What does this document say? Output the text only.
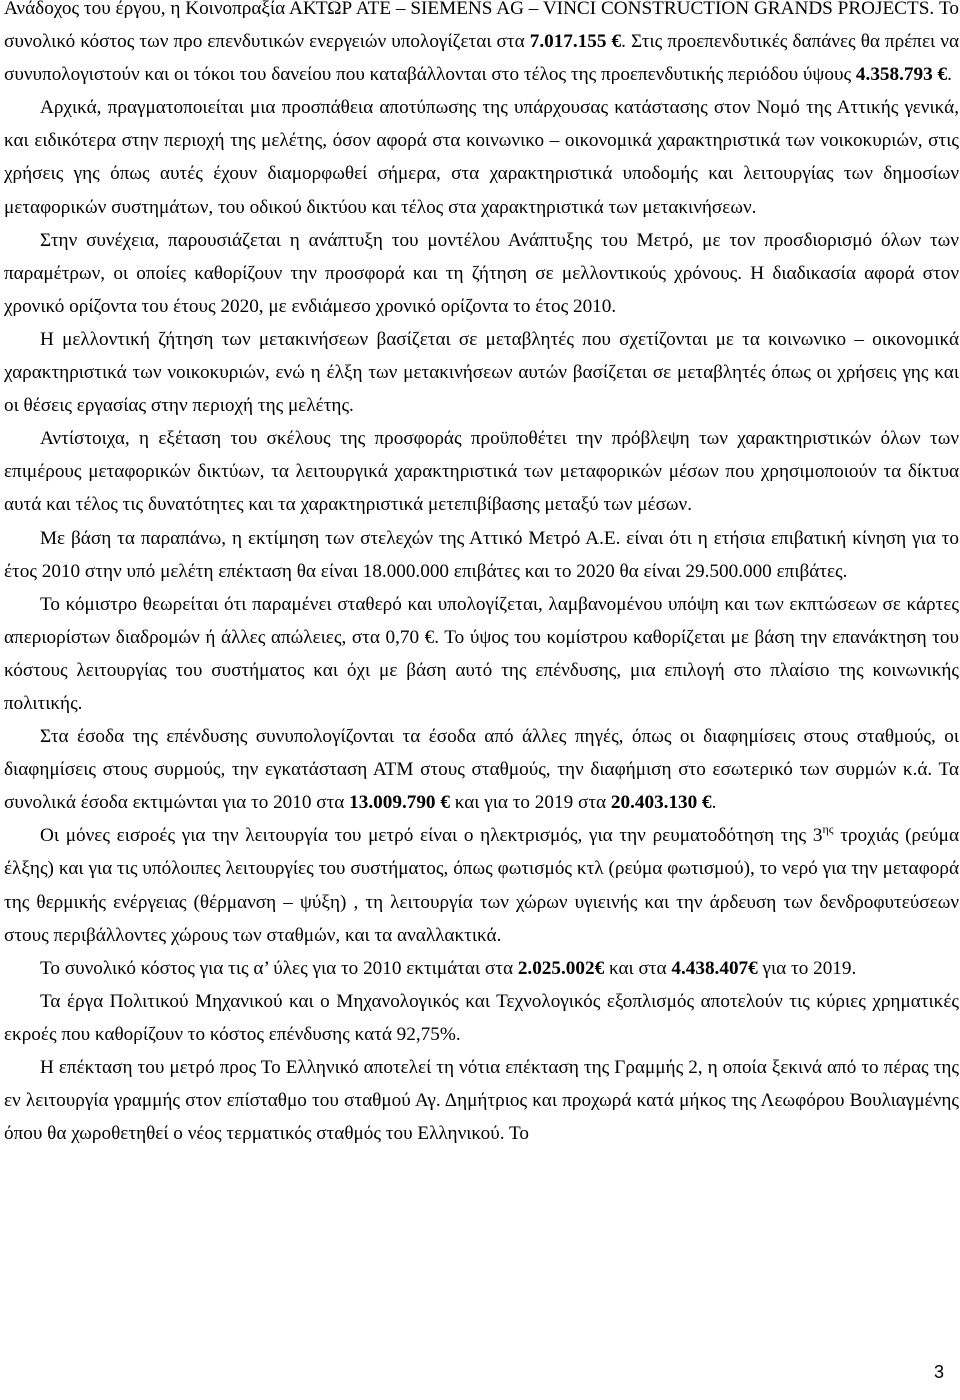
Ανάδοχος του έργου, η Κοινοπραξία ΑΚΤΩΡ ΑΤΕ – SIEMENS AG – VINCI CONSTRUCTION GRANDS PROJECTS. Το συνολικό κόστος των προ επενδυτικών ενεργειών υπολογίζεται στα 7.017.155 €. Στις προεπενδυτικές δαπάνες θα πρέπει να συνυπολογιστούν και οι τόκοι του δανείου που καταβάλλονται στο τέλος της προεπενδυτικής περιόδου ύψους 4.358.793 €.

Αρχικά, πραγματοποιείται μια προσπάθεια αποτύπωσης της υπάρχουσας κατάστασης στον Νομό της Αττικής γενικά, και ειδικότερα στην περιοχή της μελέτης, όσον αφορά στα κοινωνικο – οικονομικά χαρακτηριστικά των νοικοκυριών, στις χρήσεις γης όπως αυτές έχουν διαμορφωθεί σήμερα, στα χαρακτηριστικά υποδομής και λειτουργίας των δημοσίων μεταφορικών συστημάτων, του οδικού δικτύου και τέλος στα χαρακτηριστικά των μετακινήσεων.

Στην συνέχεια, παρουσιάζεται η ανάπτυξη του μοντέλου Ανάπτυξης του Μετρό, με τον προσδιορισμό όλων των παραμέτρων, οι οποίες καθορίζουν την προσφορά και τη ζήτηση σε μελλοντικούς χρόνους. Η διαδικασία αφορά στον χρονικό ορίζοντα του έτους 2020, με ενδιάμεσο χρονικό ορίζοντα το έτος 2010.

Η μελλοντική ζήτηση των μετακινήσεων βασίζεται σε μεταβλητές που σχετίζονται με τα κοινωνικο – οικονομικά χαρακτηριστικά των νοικοκυριών, ενώ η έλξη των μετακινήσεων αυτών βασίζεται σε μεταβλητές όπως οι χρήσεις γης και οι θέσεις εργασίας στην περιοχή της μελέτης.

Αντίστοιχα, η εξέταση του σκέλους της προσφοράς προϋποθέτει την πρόβλεψη των χαρακτηριστικών όλων των επιμέρους μεταφορικών δικτύων, τα λειτουργικά χαρακτηριστικά των μεταφορικών μέσων που χρησιμοποιούν τα δίκτυα αυτά και τέλος τις δυνατότητες και τα χαρακτηριστικά μετεπιβίβασης μεταξύ των μέσων.

Με βάση τα παραπάνω, η εκτίμηση των στελεχών της Αττικό Μετρό Α.Ε. είναι ότι η ετήσια επιβατική κίνηση για το έτος 2010 στην υπό μελέτη επέκταση θα είναι 18.000.000 επιβάτες και το 2020 θα είναι 29.500.000 επιβάτες.

Το κόμιστρο θεωρείται ότι παραμένει σταθερό και υπολογίζεται, λαμβανομένου υπόψη και των εκπτώσεων σε κάρτες απεριορίστων διαδρομών ή άλλες απώλειες, στα 0,70 €. Το ύψος του κομίστρου καθορίζεται με βάση την επανάκτηση του κόστους λειτουργίας του συστήματος και όχι με βάση αυτό της επένδυσης, μια επιλογή στο πλαίσιο της κοινωνικής πολιτικής.

Στα έσοδα της επένδυσης συνυπολογίζονται τα έσοδα από άλλες πηγές, όπως οι διαφημίσεις στους σταθμούς, οι διαφημίσεις στους συρμούς, την εγκατάσταση ΑΤΜ στους σταθμούς, την διαφήμιση στο εσωτερικό των συρμών κ.ά. Τα συνολικά έσοδα εκτιμώνται για το 2010 στα 13.009.790 € και για το 2019 στα 20.403.130 €.

Οι μόνες εισροές για την λειτουργία του μετρό είναι ο ηλεκτρισμός, για την ρευματοδότηση της $3^{\eta\varsigma}$ τροχιάς (ρεύμα έλξης) και για τις υπόλοιπες λειτουργίες του συστήματος, όπως φωτισμός κτλ (ρεύμα φωτισμού), το νερό για την μεταφορά της θερμικής ενέργειας (θέρμανση – ψύξη) , τη λειτουργία των χώρων υγιεινής και την άρδευση των δενδροφυτεύσεων στους περιβάλλοντες χώρους των σταθμών, και τα αναλλακτικά.

Το συνολικό κόστος για τις α’ ύλες για το 2010 εκτιμάται στα 2.025.002€ και στα 4.438.407€ για το 2019.

Τα έργα Πολιτικού Μηχανικού και ο Μηχανολογικός και Τεχνολογικός εξοπλισμός αποτελούν τις κύριες χρηματικές εκροές που καθορίζουν το κόστος επένδυσης κατά 92,75%.

Η επέκταση του μετρό προς Το Ελληνικό αποτελεί τη νότια επέκταση της Γραμμής 2, η οποία ξεκινά από το πέρας της εν λειτουργία γραμμής στον επίσταθμο του σταθμού Αγ. Δημήτριος και προχωρά κατά μήκος της Λεωφόρου Βουλιαγμένης όπου θα χωροθετηθεί ο νέος τερματικός σταθμός του Ελληνικού. Το

3
